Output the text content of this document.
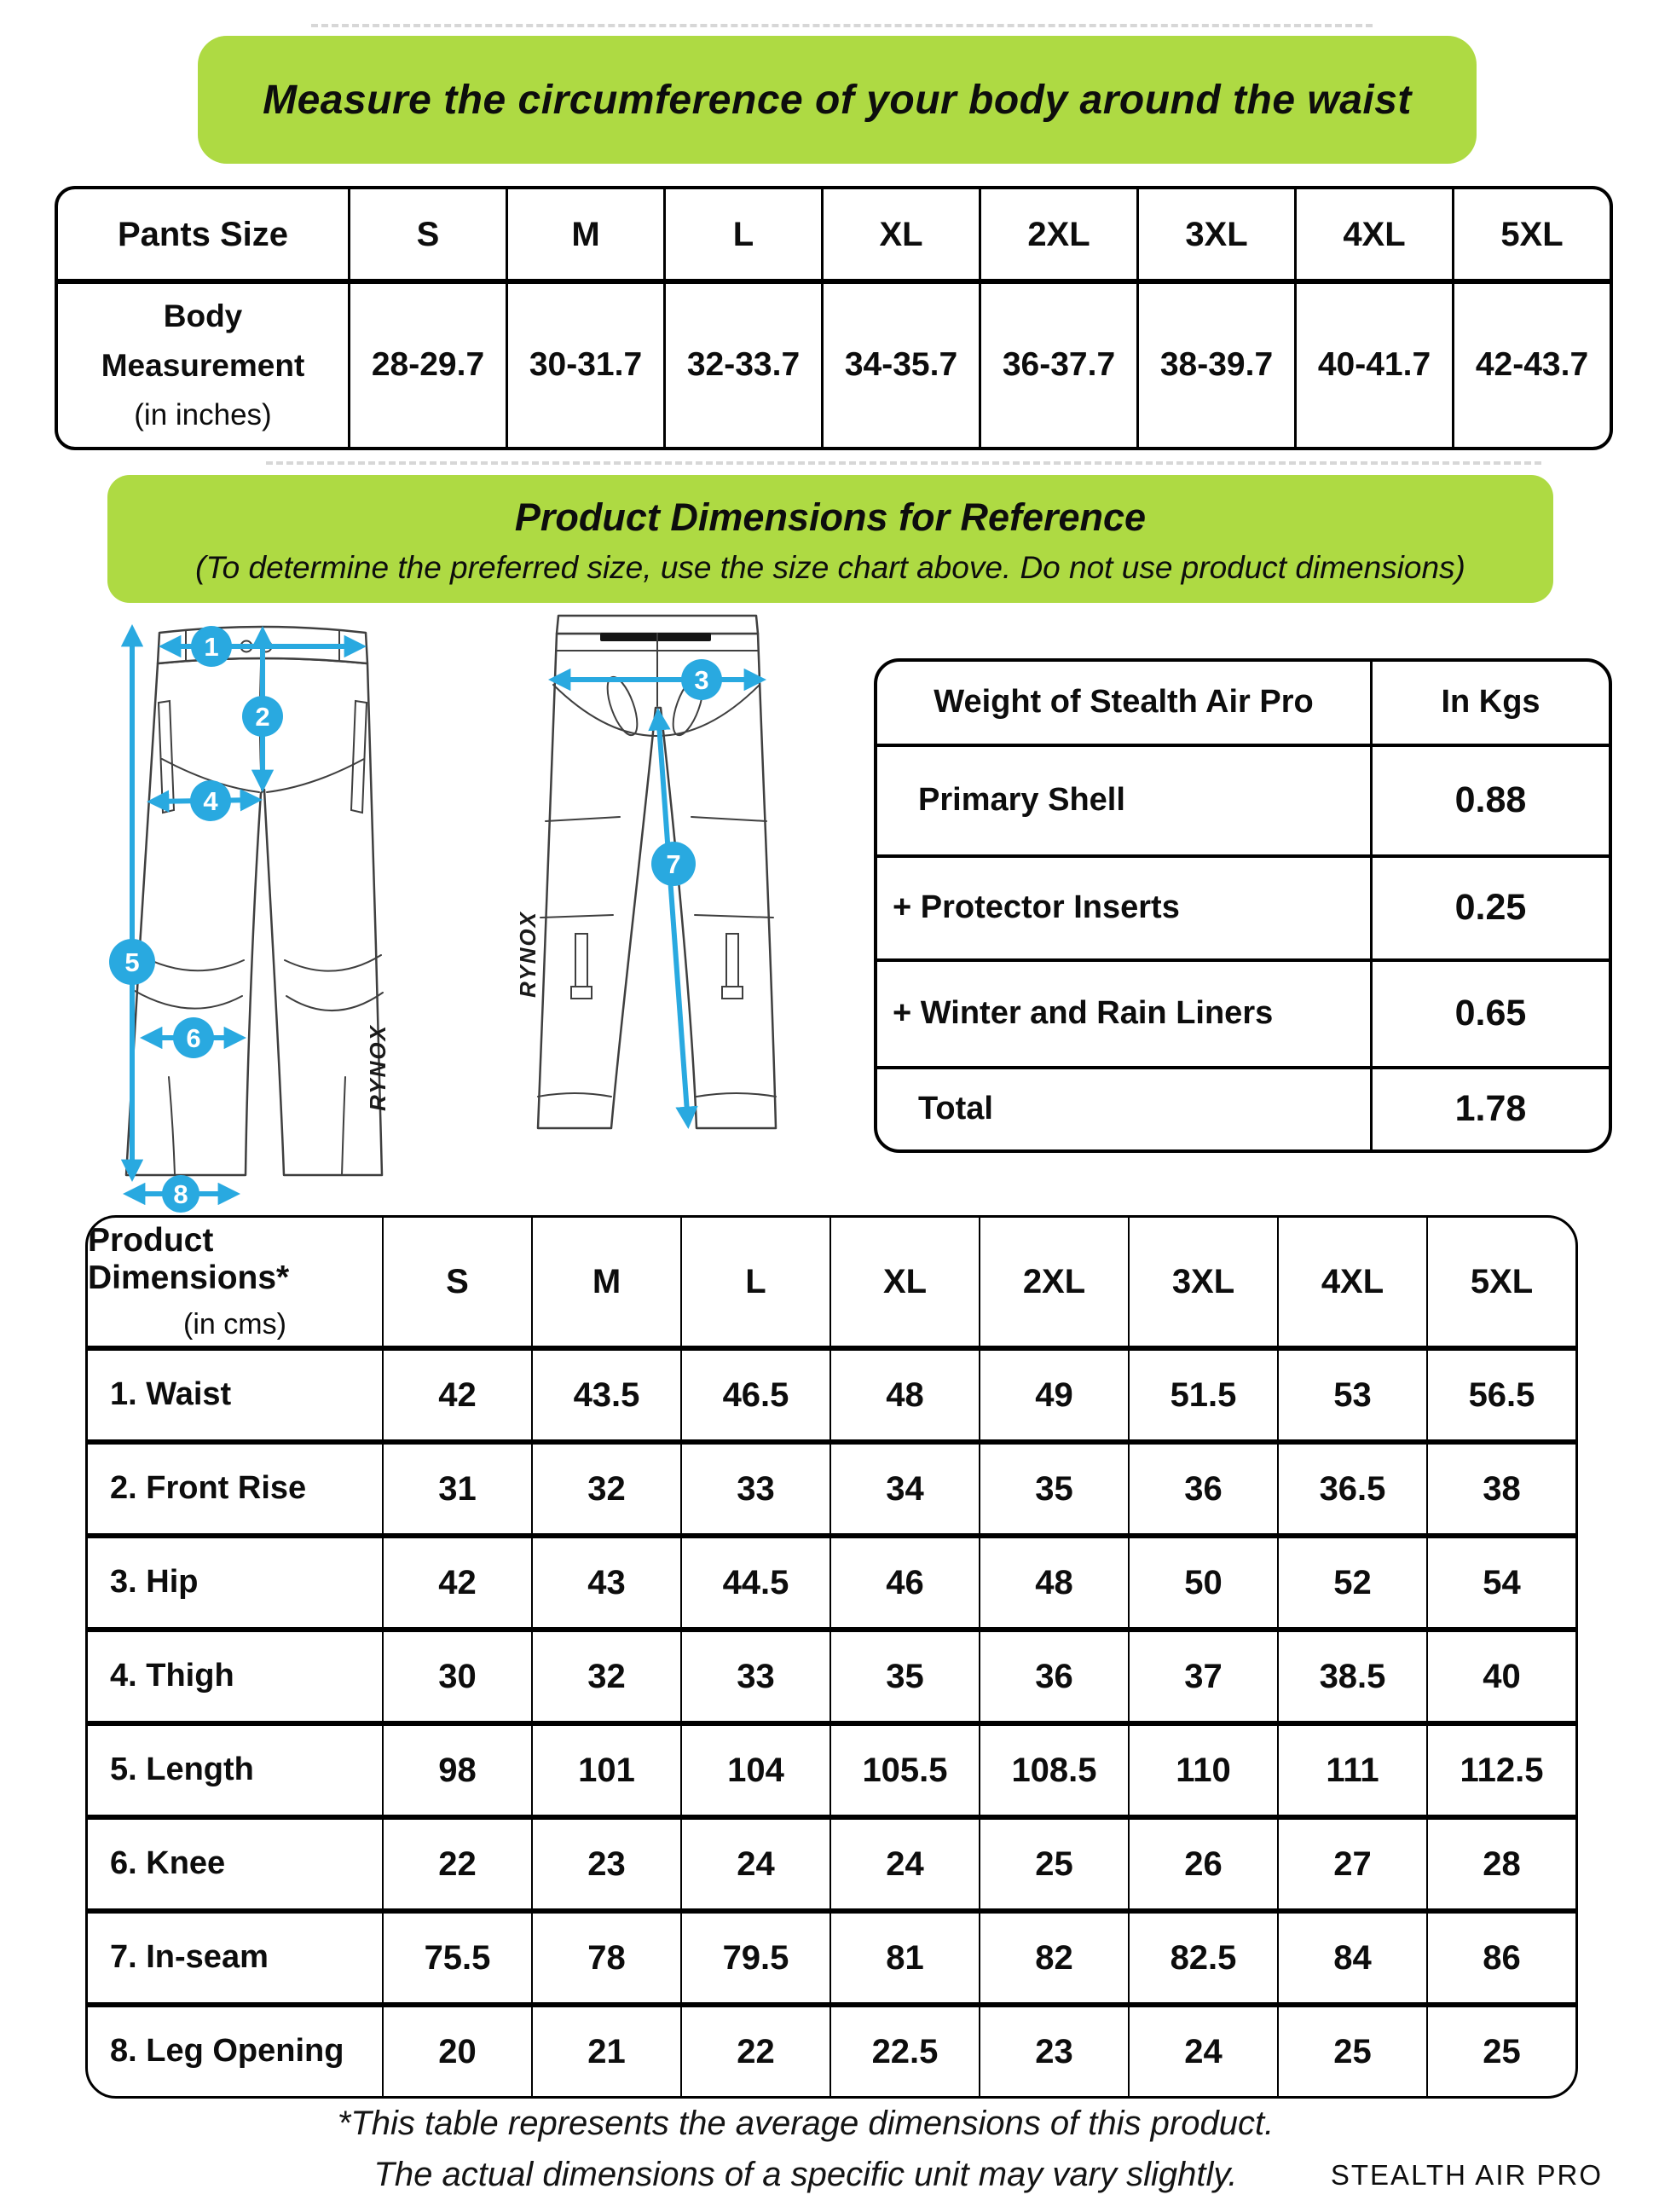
Measure the circumference of your body around the waist
Pants Size	S	M	L	XL	2XL	3XL	4XL	5XL
Body
Measurement
(in inches)
28-29.7	30-31.7	32-33.7	34-35.7	36-37.7	38-39.7	40-41.7	42-43.7
Product Dimensions for Reference
(To determine the preferred size, use the size chart above. Do not use product dimensions)
RYNOX
RYNOX
1
2
4
5
6
8
3
7
Weight of Stealth Air Pro	In Kgs
Primary Shell	0.88
+ Protector Inserts	0.25
+ Winter and Rain Liners	0.65
Total	1.78
Product Dimensions*
(in cms)
S	M	L	XL	2XL	3XL	4XL	5XL
1. Waist	42	43.5	46.5	48	49	51.5	53	56.5
2. Front Rise	31	32	33	34	35	36	36.5	38
3. Hip	42	43	44.5	46	48	50	52	54
4. Thigh	30	32	33	35	36	37	38.5	40
5. Length	98	101	104	105.5	108.5	110	111	112.5
6. Knee	22	23	24	24	25	26	27	28
7. In-seam	75.5	78	79.5	81	82	82.5	84	86
8. Leg Opening	20	21	22	22.5	23	24	25	25
*This table represents the average dimensions of this product.
The actual dimensions of a specific unit may vary slightly.	STEALTH AIR PRO
